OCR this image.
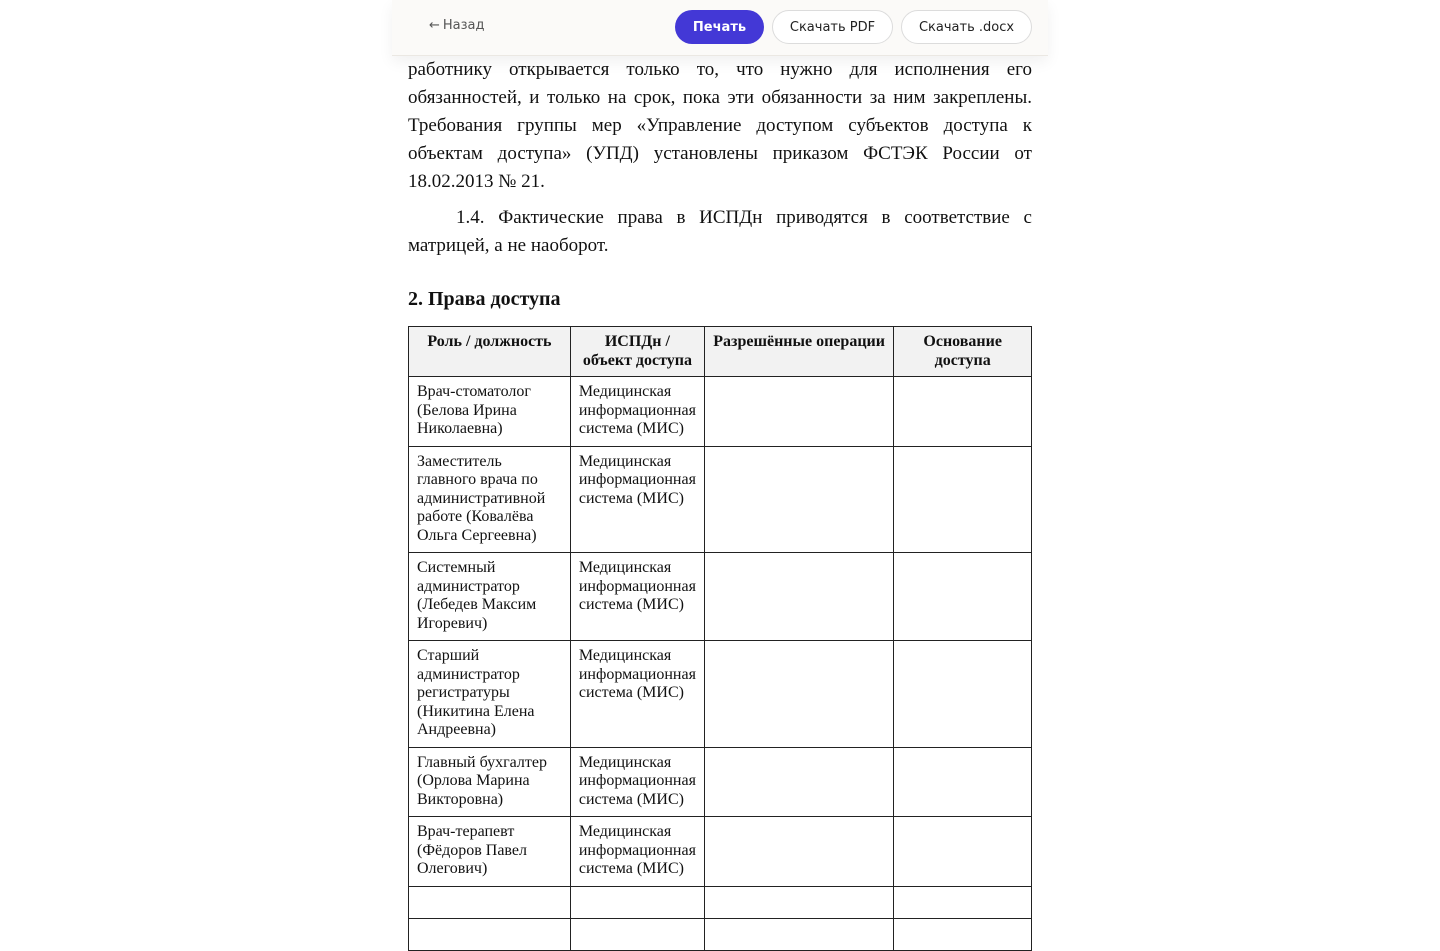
← Назад	Печать	Скачать PDF	Скачать .docx

работнику открывается только то, что нужно для исполнения его обязанностей, и только на срок, пока эти обязанности за ним закреплены. Требования группы мер «Управление доступом субъектов доступа к объектам доступа» (УПД) установлены приказом ФСТЭК России от 18.02.2013 № 21.

1.4. Фактические права в ИСПДн приводятся в соответствие с матрицей, а не наоборот.

2. Права доступа
Роль / должность	ИСПДн / объект доступа	Разрешённые операции	Основание доступа
Врач-стоматолог (Белова Ирина Николаевна)	Медицинская информационная система (МИС)		
Заместитель главного врача по административной работе (Ковалёва Ольга Сергеевна)	Медицинская информационная система (МИС)		
Системный администратор (Лебедев Максим Игоревич)	Медицинская информационная система (МИС)		
Старший администратор регистратуры (Никитина Елена Андреевна)	Медицинская информационная система (МИС)		
Главный бухгалтер (Орлова Марина Викторовна)	Медицинская информационная система (МИС)		
Врач-терапевт (Фёдоров Павел Олегович)	Медицинская информационная система (МИС)		
